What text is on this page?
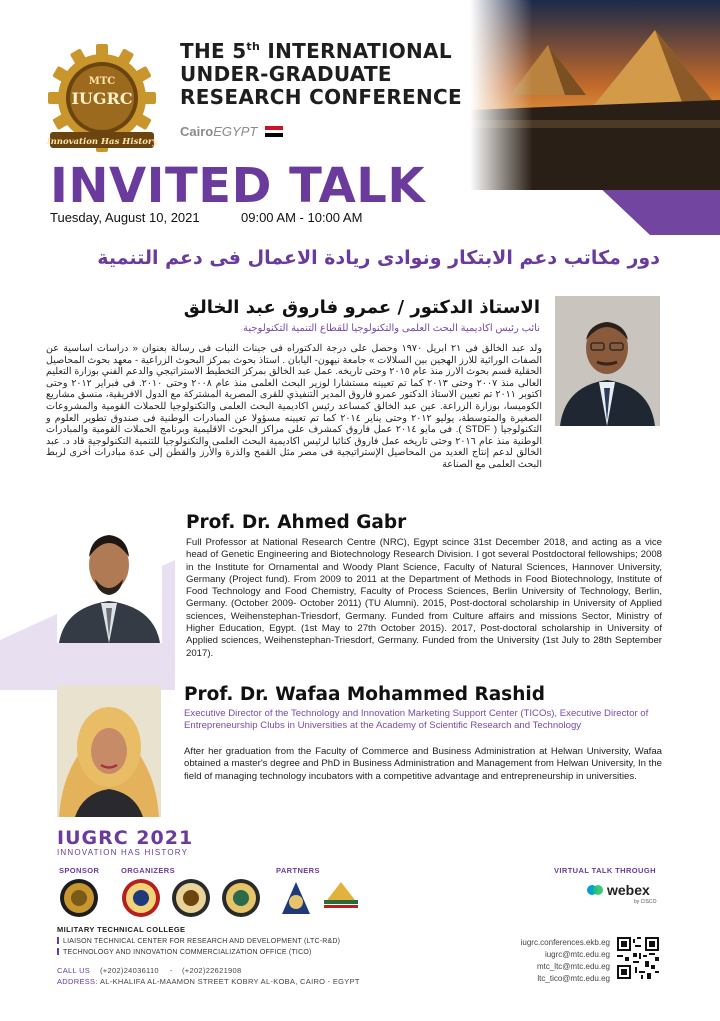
MTC
IUGRC
Innovation Has History
THE 5th INTERNATIONAL
UNDER-GRADUATE
RESEARCH CONFERENCE
CairoEGYPT
INVITED TALK
Tuesday, August 10, 2021	09:00 AM - 10:00 AM
دور مكاتب دعم الابتكار ونوادى ريادة الاعمال فى دعم التنمية
الاستاذ الدكتور / عمرو فاروق عبد الخالق
نائب رئيس اكاديمية البحث العلمى والتكنولوجيا للقطاع التنمية التكنولوجية
ولد عبد الخالق فى ٢١ ابريل ١٩٧٠ وحصل على درجة الدكتوراه فى جينات النبات فى رسالة بعنوان « دراسات اساسية عن الصفات الوراثية للارز الهجين بين السلالات » جامعة نيهون- اليابان . استاذ بحوث بمركز البحوث الزراعية - معهد بحوث المحاصيل الحقلية قسم بحوث الارز منذ عام ٢٠١٥ وحتى تاريخه. عمل عبد الخالق بمركز التخطيط الاستراتيجي والدعم الفني بوزارة التعليم العالى منذ ٢٠٠٧ وحتى ٢٠١٣ كما تم تعيينه مستشارا لوزير البحث العلمى منذ عام ٢٠٠٨ وحتى ٢٠١٠. فى فبراير ٢٠١٢ وحتى اكتوبر ٢٠١١ تم تعيين الاستاذ الدكتور عمرو فاروق المدير التنفيذي للقرى المصرية المشتركة مع الدول الافريقية، منسق مشاريع الكوميسا، بوزارة الزراعة. عين عبد الخالق كمساعد رئيس اكاديمية البحث العلمى والتكنولوجيا للحملات القومية والمشروعات الصغيرة والمتوسطة، يوليو ٢٠١٢ وحتى يناير ٢٠١٤ كما تم تعيينه مسؤولا عن المبادرات الوطنية فى صندوق تطوير العلوم و التكنولوجيا ( STDF ). فى مايو ٢٠١٤ عمل فاروق كمشرف على مراكز البحوث الاقليمية وبرنامج الحملات القومية والمبادرات الوطنية منذ عام ٢٠١٦ وحتى تاريخه عمل فاروق كنائبا لرئيس اكاديمية البحث العلمى والتكنولوجيا للتنمية التكنولوجية قاد د. عبد الخالق لدعم إنتاج العديد من المحاصيل الإستراتيجية فى مصر مثل القمح والذرة والأرز والقطن إلى عدة مبادرات أخرى لربط البحث العلمى مع الصناعة
Prof. Dr. Ahmed Gabr
Full Professor at National Research Centre (NRC), Egypt scince 31st December 2018, and acting as a vice head of Genetic Engineering and Biotechnology Research Division. I got several Postdoctoral fellowships; 2008 in the Institute for Ornamental and Woody Plant Science, Faculty of Natural Sciences, Hannover University, Germany (Project fund). From 2009 to 2011 at the Department of Methods in Food Biotechnology, Institute of Food Technology and Food Chemistry, Faculty of Process Sciences, Berlin University of Technology, Berlin, Germany. (October 2009- October 2011) (TU Alumni). 2015, Post-doctoral scholarship in University of Applied sciences, Weihenstephan-Triesdorf, Germany. Funded from Culture affairs and missions Sector, Ministry of Higher Education, Egypt. (1st May to 27th October 2015). 2017, Post-doctoral scholarship in University of Applied sciences, Weihenstephan-Triesdorf, Germany. Funded from the University (1st July to 28th September 2017).
Prof. Dr. Wafaa Mohammed Rashid
Executive Director of the Technology and Innovation Marketing Support Center (TICOs), Executive Director of Entrepreneurship Clubs in Universities at the Academy of Scientific Research and Technology
After her graduation from the Faculty of Commerce and Business Administration at Helwan University, Wafaa obtained a master's degree and PhD in Business Administration and Management from Helwan University, In the field of managing technology incubators with a competitive advantage and entrepreneurship in universities.
IUGRC 2021
INNOVATION HAS HISTORY
SPONSOR	ORGANIZERS	PARTNERS	VIRTUAL TALK THROUGH
webex
by CISCO
MILITARY TECHNICAL COLLEGE
LIAISON TECHNICAL CENTER FOR RESEARCH AND DEVELOPMENT (LTC-R&D)
TECHNOLOGY AND INNOVATION COMMERCIALIZATION OFFICE (TICO)
CALL US (+202)24036110 - (+202)22621908
ADDRESS: AL-KHALIFA AL-MAAMON STREET KOBRY AL-KOBA, CAIRO - EGYPT
iugrc.conferences.ekb.eg
iugrc@mtc.edu.eg
mtc_ltc@mtc.edu.eg
ltc_tico@mtc.edu.eg
